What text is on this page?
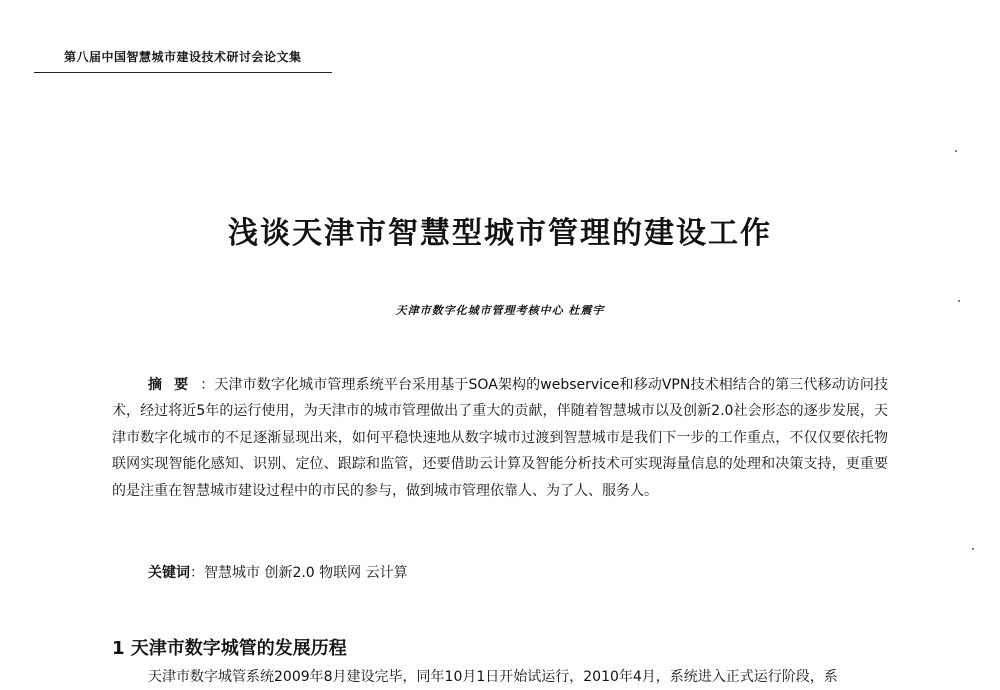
第八届中国智慧城市建设技术研讨会论文集
浅谈天津市智慧型城市管理的建设工作
天津市数字化城市管理考核中心 杜震宇

摘要：天津市数字化城市管理系统平台采用基于SOA架构的webservice和移动VPN技术相结合的第三代移动访问技术，经过将近5年的运行使用，为天津市的城市管理做出了重大的贡献，伴随着智慧城市以及创新2.0社会形态的逐步发展，天津市数字化城市的不足逐渐显现出来，如何平稳快速地从数字城市过渡到智慧城市是我们下一步的工作重点，不仅仅要依托物联网实现智能化感知、识别、定位、跟踪和监管，还要借助云计算及智能分析技术可实现海量信息的处理和决策支持，更重要的是注重在智慧城市建设过程中的市民的参与，做到城市管理依靠人、为了人、服务人。

关键词：智慧城市 创新2.0 物联网 云计算
1 天津市数字城管的发展历程

天津市数字城管系统2009年8月建设完毕，同年10月1日开始试运行，2010年4月，系统进入正式运行阶段，系
